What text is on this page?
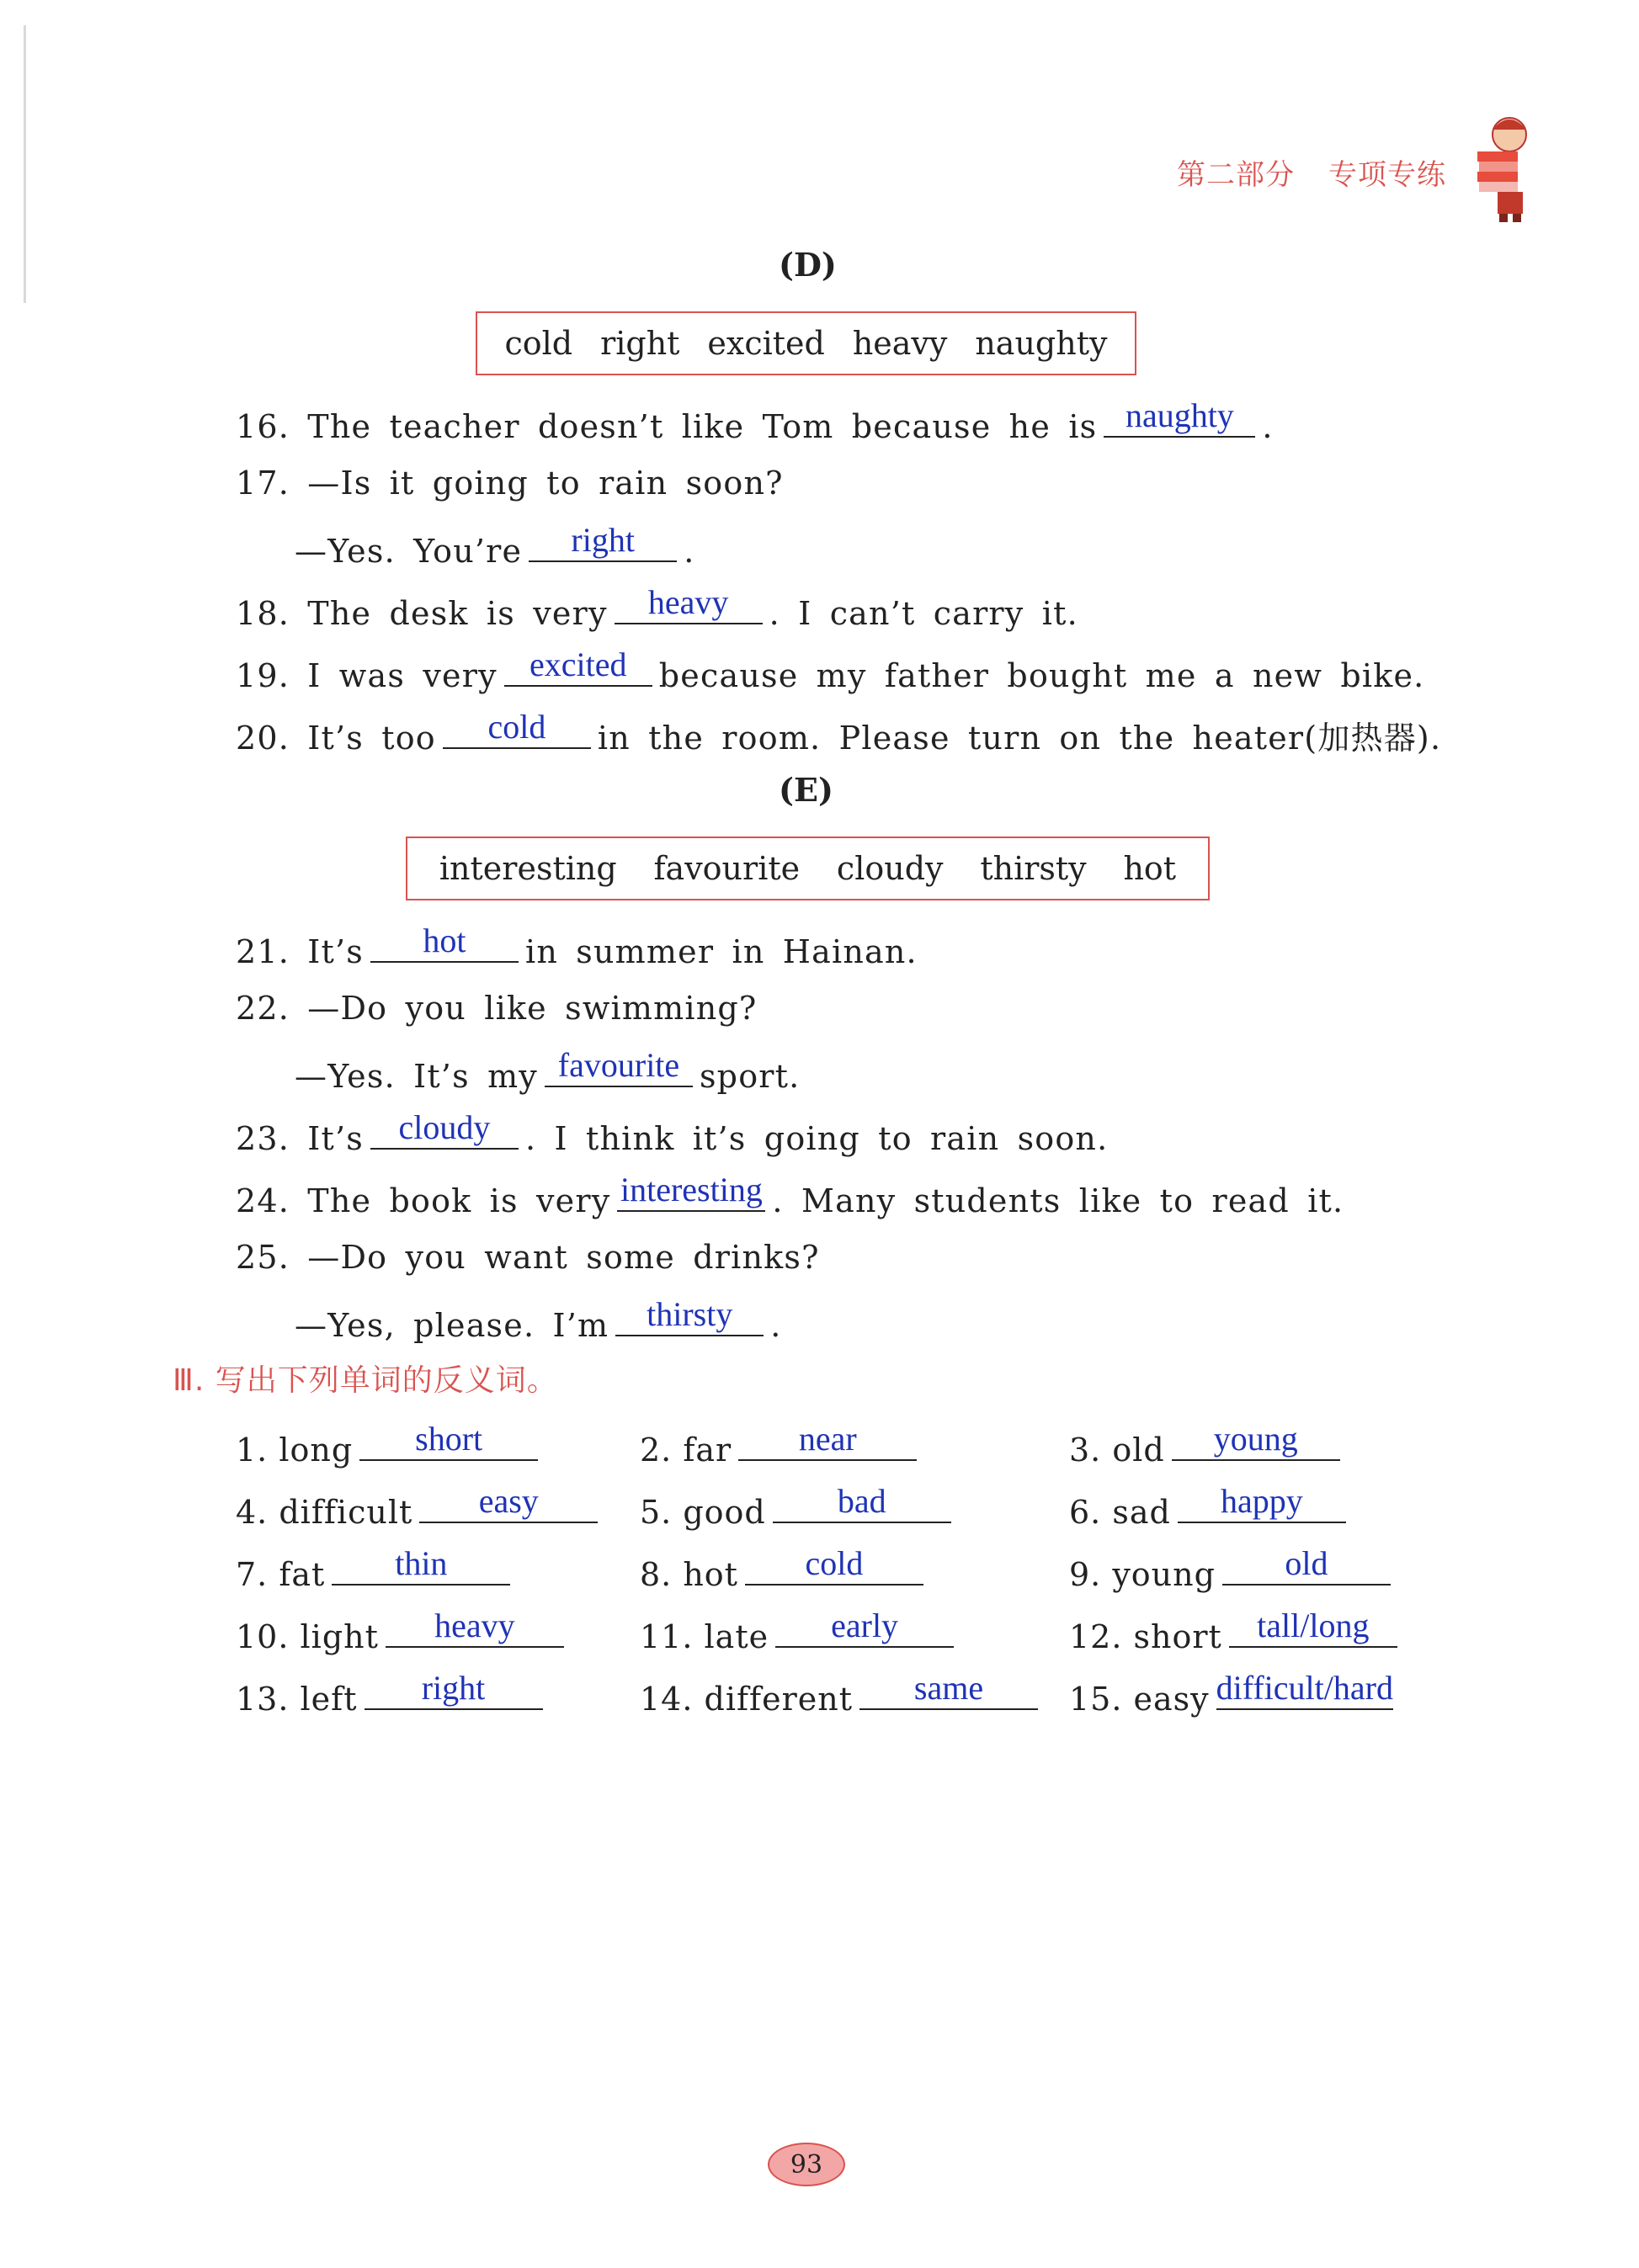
第二部分 专项专练
(D)
cold right excited heavy naughty
16. The teacher doesn’t like Tom because he is naughty .
17. —Is it going to rain soon?
—Yes. You’re	right	.
18. The desk is very	heavy	. I can’t carry it.
19. I was very excited	because my father bought me a new bike.
20. It’s too	cold	in the room. Please turn on the heater(加热器).
(E)
interesting favourite cloudy thirsty hot
21. It’s	hot	in summer in Hainan.
22. —Do you like swimming?
—Yes. It’s my favourite sport.
23. It’s	cloudy	. I think it’s going to rain soon.
24. The book is very interesting . Many students like to read it.
25. —Do you want some drinks?
—Yes, please. I’m	thirsty	.
Ⅲ. 写出下列单词的反义词。
1. long	short	2. far	near	3. old	young
4. difficult	easy	5. good	bad	6. sad	happy
7. fat	thin	8. hot	cold	9. young	old
10. light	heavy	11. late	early	12. short	tall/long
13. left	right	14. different	same	15. easy difficult/hard
93
